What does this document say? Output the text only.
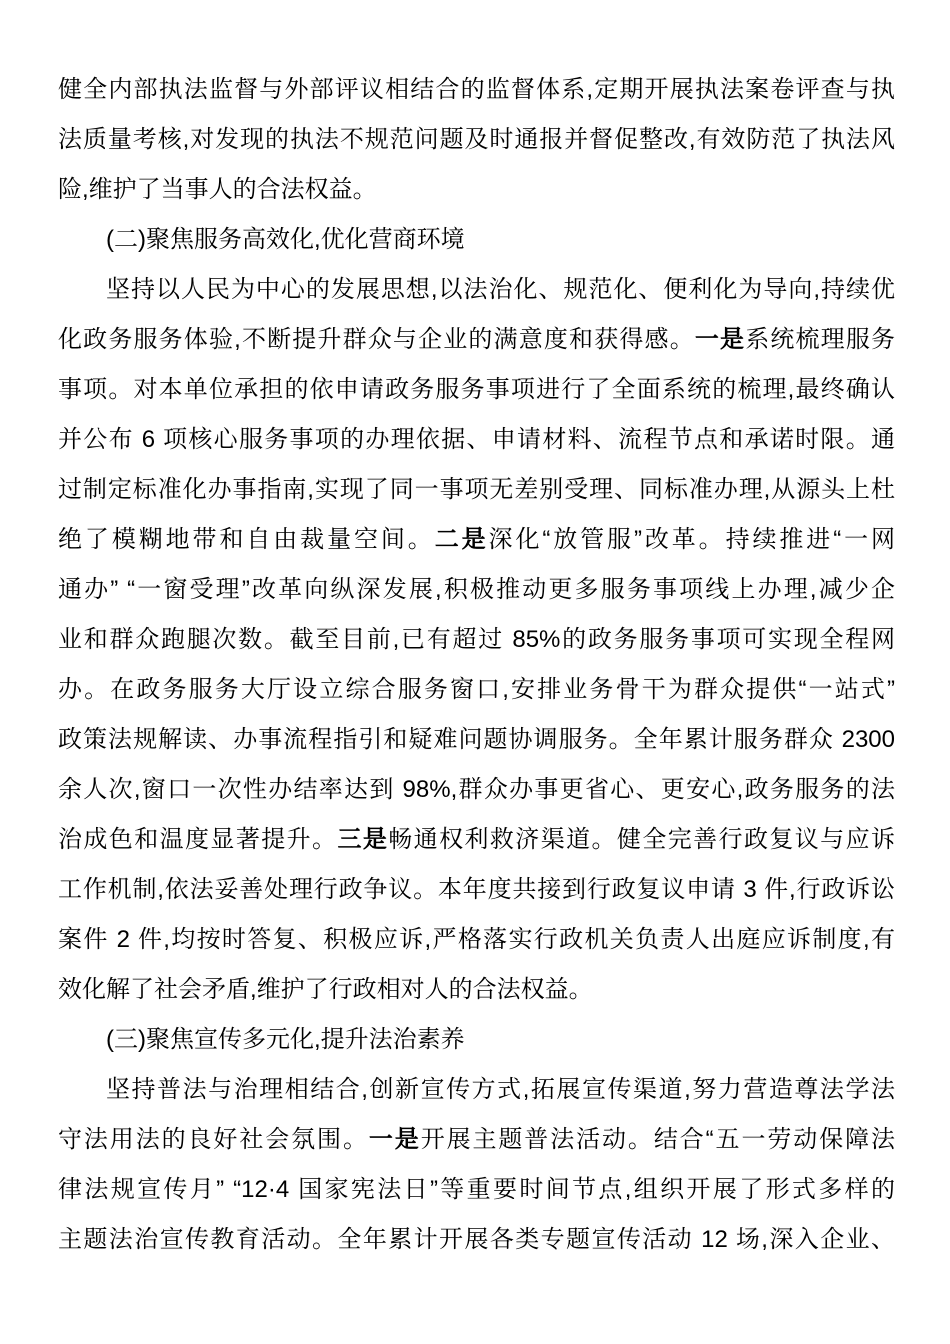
健全内部执法监督与外部评议相结合的监督体系,定期开展执法案卷评查与执
法质量考核,对发现的执法不规范问题及时通报并督促整改,有效防范了执法风
险,维护了当事人的合法权益。
(二)聚焦服务高效化,优化营商环境
坚持以人民为中心的发展思想,以法治化、规范化、便利化为导向,持续优
化政务服务体验,不断提升群众与企业的满意度和获得感。一是系统梳理服务
事项。对本单位承担的依申请政务服务事项进行了全面系统的梳理,最终确认
并公布 6 项核心服务事项的办理依据、申请材料、流程节点和承诺时限。通
过制定标准化办事指南,实现了同一事项无差别受理、同标准办理,从源头上杜
绝了模糊地带和自由裁量空间。二是深化“放管服”改革。持续推进“一网
通办” “一窗受理”改革向纵深发展,积极推动更多服务事项线上办理,减少企
业和群众跑腿次数。截至目前,已有超过 85%的政务服务事项可实现全程网
办。在政务服务大厅设立综合服务窗口,安排业务骨干为群众提供“一站式”
政策法规解读、办事流程指引和疑难问题协调服务。全年累计服务群众 2300
余人次,窗口一次性办结率达到 98%,群众办事更省心、更安心,政务服务的法
治成色和温度显著提升。三是畅通权利救济渠道。健全完善行政复议与应诉
工作机制,依法妥善处理行政争议。本年度共接到行政复议申请 3 件,行政诉讼
案件 2 件,均按时答复、积极应诉,严格落实行政机关负责人出庭应诉制度,有
效化解了社会矛盾,维护了行政相对人的合法权益。
(三)聚焦宣传多元化,提升法治素养
坚持普法与治理相结合,创新宣传方式,拓展宣传渠道,努力营造尊法学法
守法用法的良好社会氛围。一是开展主题普法活动。结合“五一劳动保障法
律法规宣传月” “12·4 国家宪法日”等重要时间节点,组织开展了形式多样的
主题法治宣传教育活动。全年累计开展各类专题宣传活动 12 场,深入企业、
